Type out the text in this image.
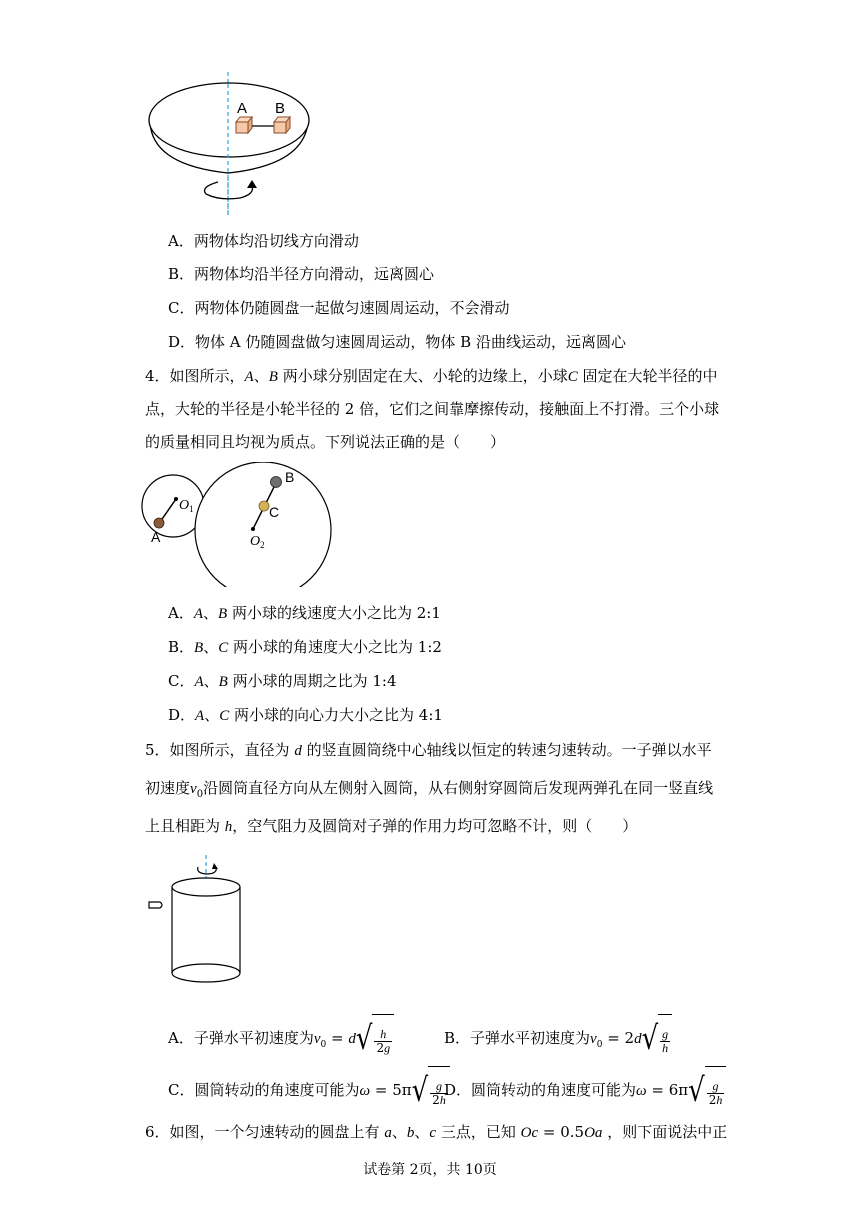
A B
A．两物体均沿切线方向滑动
B．两物体均沿半径方向滑动，远离圆心
C．两物体仍随圆盘一起做匀速圆周运动，不会滑动
D．物体 A 仍随圆盘做匀速圆周运动，物体 B 沿曲线运动，远离圆心
4．如图所示，A、B 两小球分别固定在大、小轮的边缘上，小球C 固定在大轮半径的中
点，大轮的半径是小轮半径的 2 倍，它们之间靠摩擦传动，接触面上不打滑。三个小球
的质量相同且均视为质点。下列说法正确的是（　　）
B
C
A
$O_1$
$O_2$
A．A、B 两小球的线速度大小之比为 2:1
B．B、C 两小球的角速度大小之比为 1:2
C．A、B 两小球的周期之比为 1:4
D．A、C 两小球的向心力大小之比为 4:1
5．如图所示，直径为 d 的竖直圆筒绕中心轴线以恒定的转速匀速转动。一子弹以水平
初速度$v_0$沿圆筒直径方向从左侧射入圆筒，从右侧射穿圆筒后发现两弹孔在同一竖直线
上且相距为 h，空气阻力及圆筒对子弹的作用力均可忽略不计，则（　　）
A．子弹水平初速度为$v_0 = d$ √ $\frac{h}{2g}$	B．子弹水平初速度为$v_0 = 2d$ √ $\frac{g}{h}$
C．圆筒转动的角速度可能为ω = 5π √ $\frac{g}{2h}$
D．圆筒转动的角速度可能为ω = 6π √ $\frac{g}{2h}$
6．如图，一个匀速转动的圆盘上有 a、b、c 三点，已知 Oc = 0.5Oa ，则下面说法中正
试卷第 2页，共 10页
